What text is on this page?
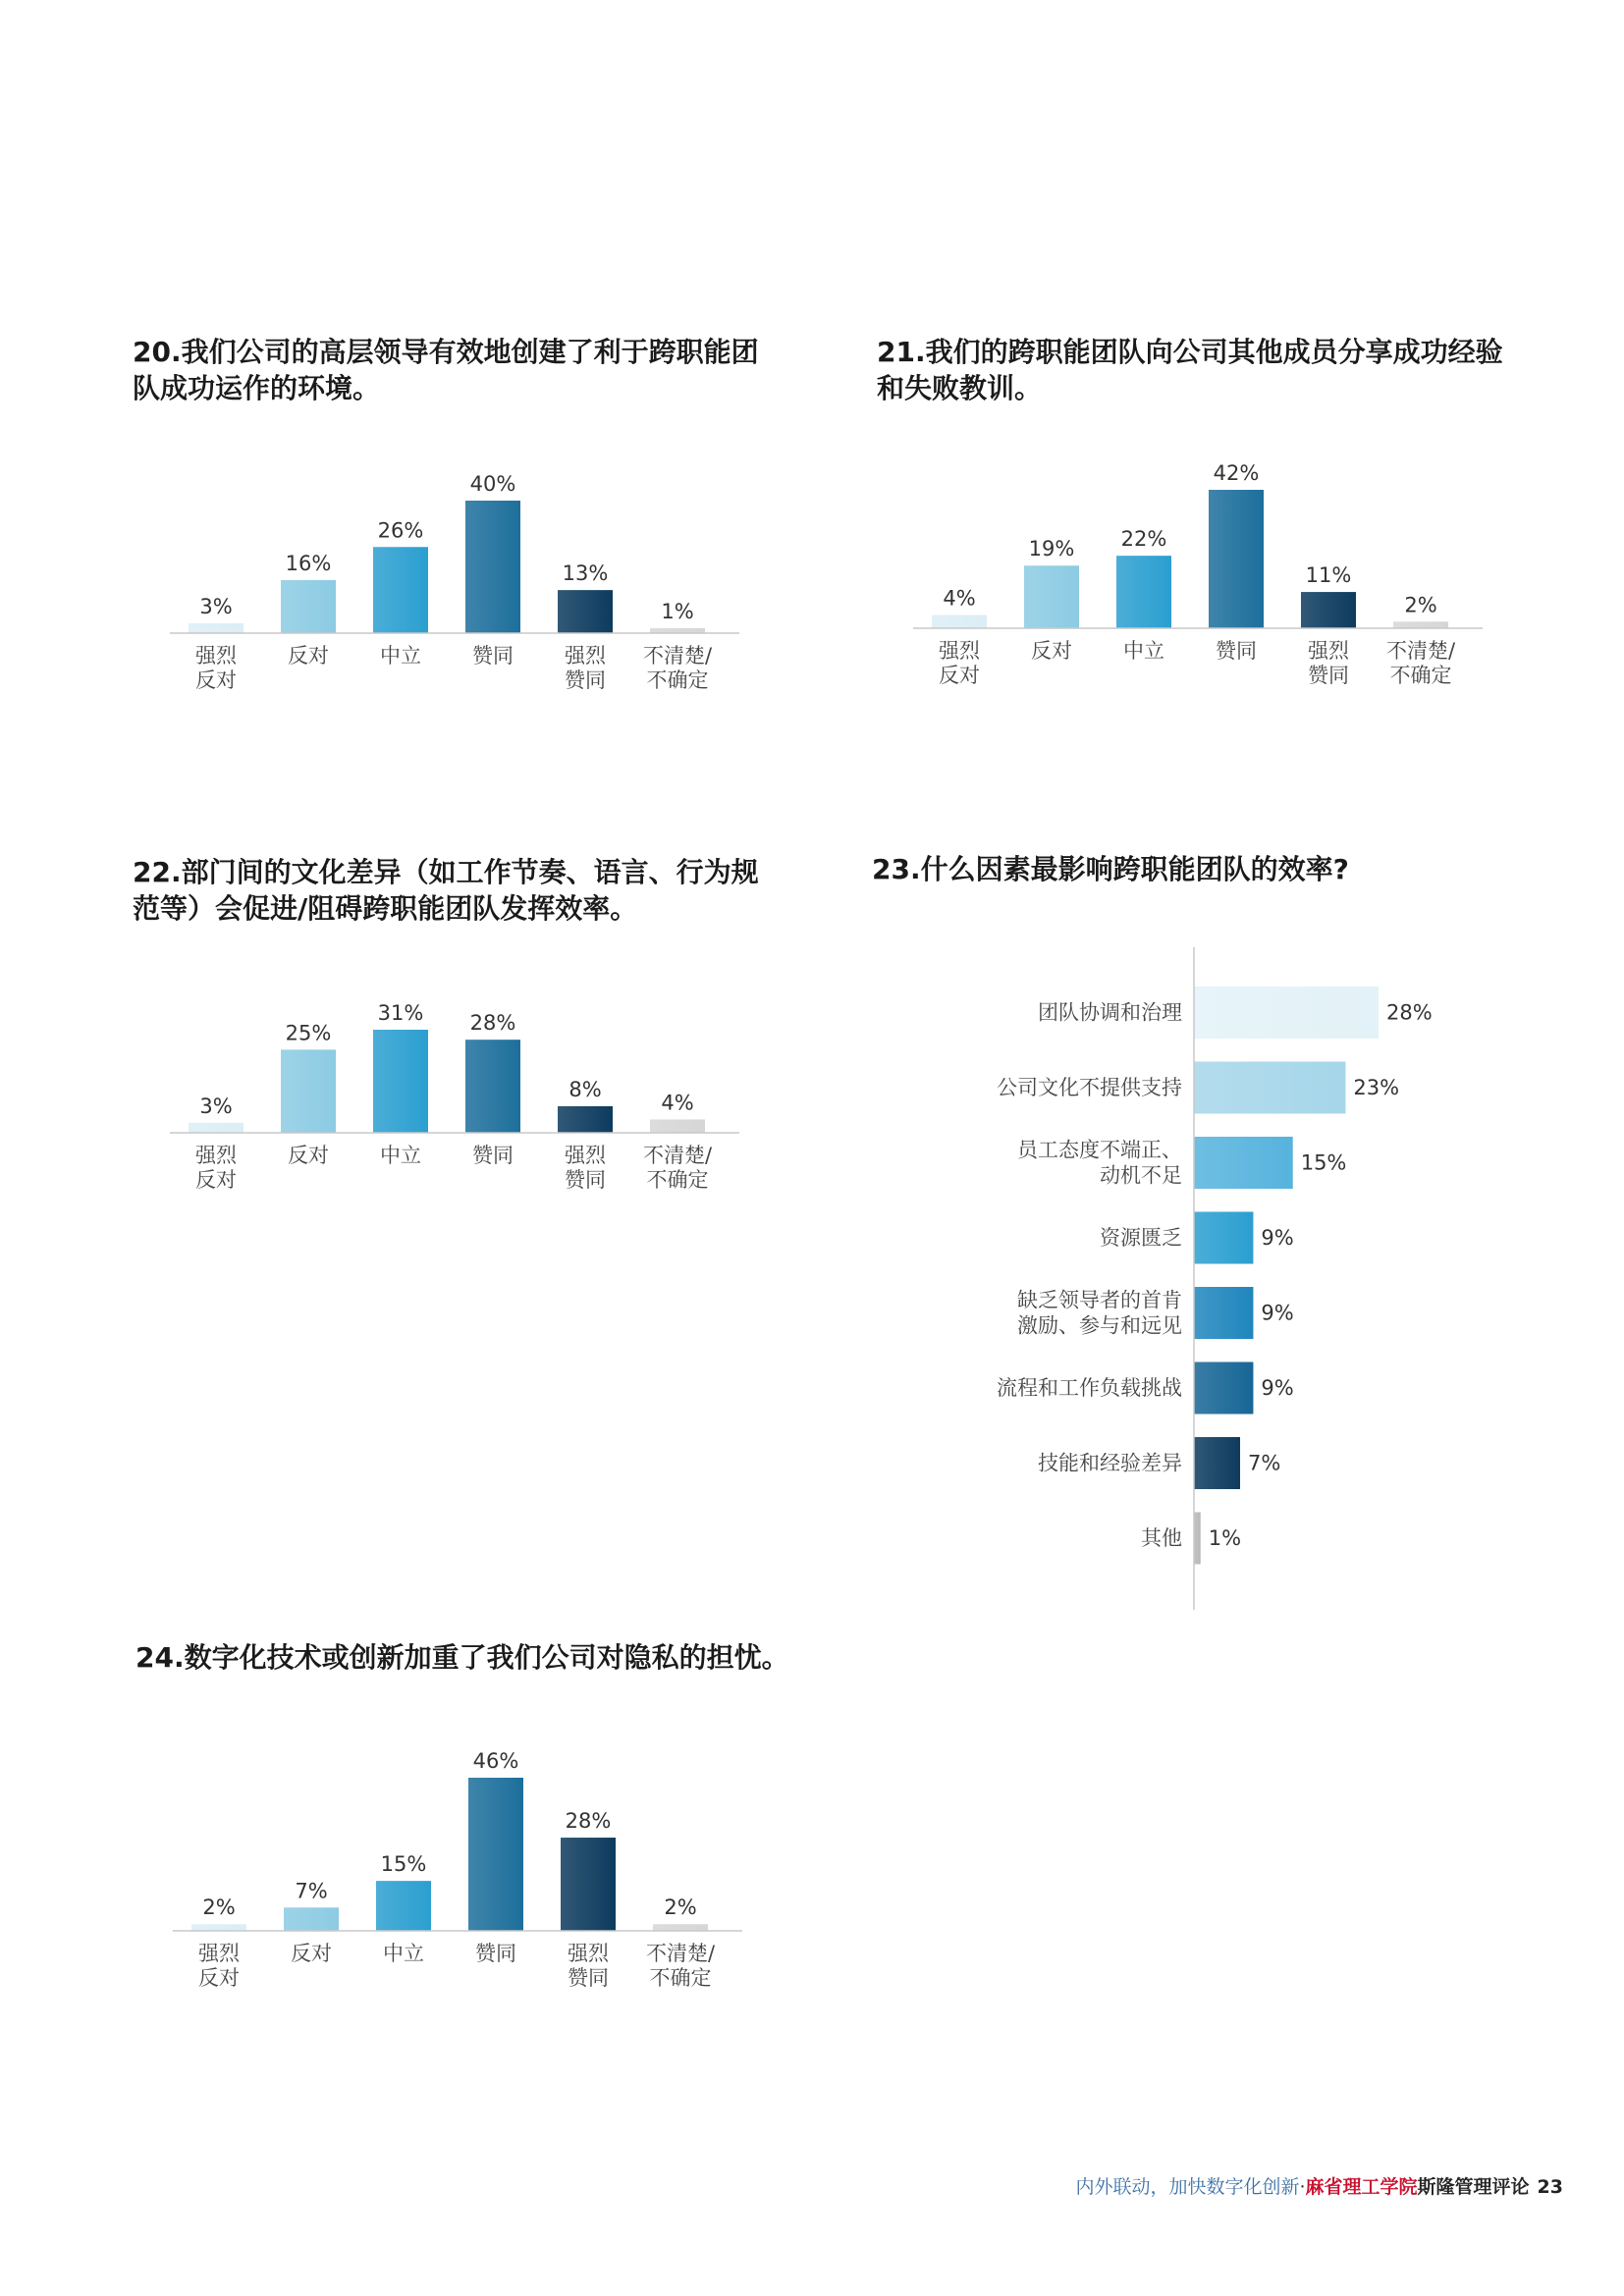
20.我们公司的高层领导有效地创建了利于跨职能团
队成功运作的环境。
21.我们的跨职能团队向公司其他成员分享成功经验
和失败教训。
22.部门间的文化差异（如工作节奏、语言、行为规
范等）会促进/阻碍跨职能团队发挥效率。
23.什么因素最影响跨职能团队的效率?
24.数字化技术或创新加重了我们公司对隐私的担忧。
3%
强烈
反对
16%
反对
26%
中立
40%
赞同
13%
强烈
赞同
1%
不清楚/
不确定
4%
强烈
反对
19%
反对
22%
中立
42%
赞同
11%
强烈
赞同
2%
不清楚/
不确定
3%
强烈
反对
25%
反对
31%
中立
28%
赞同
8%
强烈
赞同
4%
不清楚/
不确定
28%
团队协调和治理
23%
公司文化不提供支持
15%
员工态度不端正、
动机不足
9%
资源匮乏
9%
缺乏领导者的首肯
激励、参与和远见
9%
流程和工作负载挑战
7%
技能和经验差异
1%
其他
2%
强烈
反对
7%
反对
15%
中立
46%
赞同
28%
强烈
赞同
2%
不清楚/
不确定
内外联动，加快数字化创新·麻省理工学院斯隆管理评论 23
